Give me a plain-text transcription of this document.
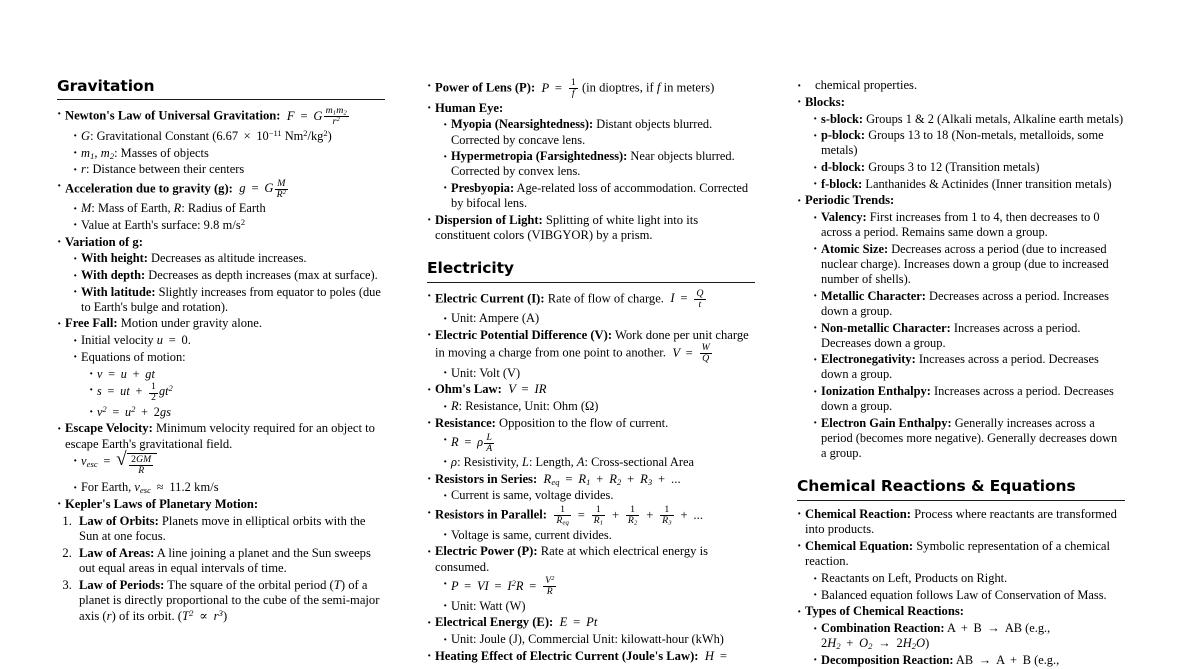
Gravitation
· Newton's Law of Universal Gravitation:  F = G $\frac{m_1m_2}{r^2}$
· G: Gravitational Constant ($6.67 \times 10^{-11}$ $Nm^2/kg^2$)
· $m_1$, $m_2$: Masses of objects
· r: Distance between their centers
· Acceleration due to gravity (g):  g = G $\frac{M}{R^2}$
· M: Mass of Earth, R: Radius of Earth
· Value at Earth's surface: 9.8 $m/s^2$
· Variation of g:
· With height: Decreases as altitude increases.
· With depth: Decreases as depth increases (max at surface).
· With latitude: Slightly increases from equator to poles (due to Earth's bulge and rotation).
· Free Fall: Motion under gravity alone.
· Initial velocity u = 0.
· Equations of motion:
· v = u + gt
· s = ut + $\frac{1}{2} gt^2$
· $v^2 = u^2 + 2gs$
· Escape Velocity: Minimum velocity required for an object to escape Earth's gravitational field.
· $v_{esc}$ = √ $\frac{2GM}{R}$
· For Earth, $v_{esc} \approx 11.2$ km/s
· Kepler's Laws of Planetary Motion:
1. Law of Orbits: Planets move in elliptical orbits with the Sun at one focus.
2. Law of Areas: A line joining a planet and the Sun sweeps out equal areas in equal intervals of time.
3. Law of Periods: The square of the orbital period (T) of a planet is directly proportional to the cube of the semi-major axis (r) of its orbit. $(T^2 \propto r^3)$
· Power of Lens (P):  $P = \frac{1}{f} (in$ dioptres, if f in meters)
· Human Eye:
· Myopia (Nearsightedness): Distant objects blurred. Corrected by concave lens.
· Hypermetropia (Farsightedness): Near objects blurred. Corrected by convex lens.
· Presbyopia: Age-related loss of accommodation. Corrected by bifocal lens.
· Dispersion of Light: Splitting of white light into its constituent colors (VIBGYOR) by a prism.
Electricity
· Electric Current (I): Rate of flow of charge.  $I = \frac{Q}{t}$
· Unit: Ampere (A)
· Electric Potential Difference (V): Work done per unit charge in moving a charge from one point to another.  $V = \frac{W}{Q}$
· Unit: Volt (V)
· Ohm's Law:  V = IR
· R: Resistance, Unit: Ohm (Ω)
· Resistance: Opposition to the flow of current.
· R = ρ $\frac{L}{A}$
· ρ: Resistivity, L: Length, A: Cross-sectional Area
· Resistors in Series:  $R_{eq} = R_1 + R_2 + R_3$ + ...
· Current is same, voltage divides.
· Resistors in Parallel: $\frac{1}{R_{eq}} = \frac{1}{R_1} + \frac{1}{R_2} + \frac{1}{R_3}$ + ...
· Voltage is same, current divides.
· Electric Power (P): Rate at which electrical energy is consumed.
· P = VI = $I^2R = \frac{V^2}{R}$
· Unit: Watt (W)
· Electrical Energy (E):  E = Pt
· Unit: Joule (J), Commercial Unit: kilowatt-hour (kWh)
· Heating Effect of Electric Current (Joule's Law):  H =
· chemical properties.
· Blocks:
· s-block: Groups 1 & 2 (Alkali metals, Alkaline earth metals)
· p-block: Groups 13 to 18 (Non-metals, metalloids, some metals)
· d-block: Groups 3 to 12 (Transition metals)
· f-block: Lanthanides & Actinides (Inner transition metals)
· Periodic Trends:
· Valency: First increases from 1 to 4, then decreases to 0 across a period. Remains same down a group.
· Atomic Size: Decreases across a period (due to increased nuclear charge). Increases down a group (due to increased number of shells).
· Metallic Character: Decreases across a period. Increases down a group.
· Non-metallic Character: Increases across a period. Decreases down a group.
· Electronegativity: Increases across a period. Decreases down a group.
· Ionization Enthalpy: Increases across a period. Decreases down a group.
· Electron Gain Enthalpy: Generally increases across a period (becomes more negative). Generally decreases down a group.
Chemical Reactions & Equations
· Chemical Reaction: Process where reactants are transformed into products.
· Chemical Equation: Symbolic representation of a chemical reaction.
· Reactants on Left, Products on Right.
· Balanced equation follows Law of Conservation of Mass.
· Types of Chemical Reactions:
· Combination Reaction: A + B → AB (e.g., $2H_2 + O_2 \to 2H_2O$)
· Decomposition Reaction: AB → A + B (e.g.,
